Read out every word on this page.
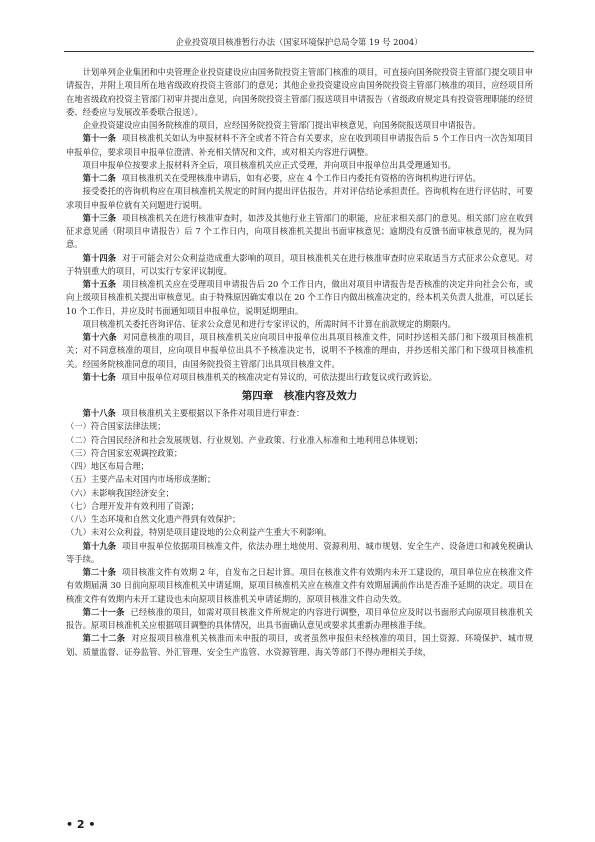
企业投资项目核准暂行办法（国家环境保护总局令第 19 号 2004）

计划单列企业集团和中央管理企业投资建设应由国务院投资主管部门核准的项目，可直接向国务院投资主管部门提交项目申请报告，并附上项目所在地省级政府投资主管部门的意见；其他企业投资建设应由国务院投资主管部门核准的项目，应经项目所在地省级政府投资主管部门初审并提出意见，向国务院投资主管部门报送项目申请报告（省级政府规定具有投资管理职能的经贸委、经委应与发展改革委联合报送）。

企业投资建设应由国务院核准的项目，应经国务院投资主管部门提出审核意见，向国务院报送项目申请报告。

第十一条 项目核准机关如认为申报材料不齐全或者不符合有关要求，应在收到项目申请报告后 5 个工作日内一次告知项目申报单位，要求项目申报单位澄清、补充相关情况和文件，或对相关内容进行调整。

项目申报单位按要求上报材料齐全后，项目核准机关应正式受理，并向项目申报单位出具受理通知书。

第十二条 项目核准机关在受理核准申请后，如有必要，应在 4 个工作日内委托有资格的咨询机构进行评估。

接受委托的咨询机构应在项目核准机关规定的时间内提出评估报告，并对评估结论承担责任。咨询机构在进行评估时，可要求项目申报单位就有关问题进行说明。

第十三条 项目核准机关在进行核准审查时，如涉及其他行业主管部门的职能，应征求相关部门的意见。相关部门应在收到征求意见函（附项目申请报告）后 7 个工作日内，向项目核准机关提出书面审核意见；逾期没有反馈书面审核意见的，视为同意。

第十四条 对于可能会对公众利益造成重大影响的项目，项目核准机关在进行核准审查时应采取适当方式征求公众意见。对于特别重大的项目，可以实行专家评议制度。

第十五条 项目核准机关应在受理项目申请报告后 20 个工作日内，做出对项目申请报告是否核准的决定并向社会公布，或向上级项目核准机关提出审核意见。由于特殊原因确实难以在 20 个工作日内做出核准决定的，经本机关负责人批准，可以延长 10 个工作日，并应及时书面通知项目申报单位，说明延期理由。

项目核准机关委托咨询评估、征求公众意见和进行专家评议的，所需时间不计算在前款规定的期限内。

第十六条 对同意核准的项目，项目核准机关应向项目申报单位出具项目核准文件，同时抄送相关部门和下级项目核准机关；对不同意核准的项目，应向项目申报单位出具不予核准决定书，说明不予核准的理由，并抄送相关部门和下级项目核准机关。经国务院核准同意的项目，由国务院投资主管部门出具项目核准文件。

第十七条 项目申报单位对项目核准机关的核准决定有异议的，可依法提出行政复议或行政诉讼。

第四章　核准内容及效力

第十八条 项目核准机关主要根据以下条件对项目进行审查：

（一）符合国家法律法规；

（二）符合国民经济和社会发展规划、行业规划、产业政策、行业准入标准和土地利用总体规划；

（三）符合国家宏观调控政策；

（四）地区布局合理；

（五）主要产品未对国内市场形成垄断；

（六）未影响我国经济安全；

（七）合理开发并有效利用了资源；

（八）生态环境和自然文化遗产得到有效保护；

（九）未对公众利益，特别是项目建设地的公众利益产生重大不利影响。

第十九条 项目申报单位依据项目核准文件，依法办理土地使用、资源利用、城市规划、安全生产、设备进口和减免税确认等手续。

第二十条 项目核准文件有效期 2 年，自发布之日起计算。项目在核准文件有效期内未开工建设的，项目单位应在核准文件有效期届满 30 日前向原项目核准机关申请延期，原项目核准机关应在核准文件有效期届满前作出是否准予延期的决定。项目在核准文件有效期内未开工建设也未向原项目核准机关申请延期的，原项目核准文件自动失效。

第二十一条 已经核准的项目，如需对项目核准文件所规定的内容进行调整，项目单位应及时以书面形式向原项目核准机关报告。原项目核准机关应根据项目调整的具体情况，出具书面确认意见或要求其重新办理核准手续。

第二十二条 对应报项目核准机关核准而未申报的项目，或者虽然申报但未经核准的项目，国土资源、环境保护、城市规划、质量监督、证券监管、外汇管理、安全生产监管、水资源管理、海关等部门不得办理相关手续，

• 2 •
